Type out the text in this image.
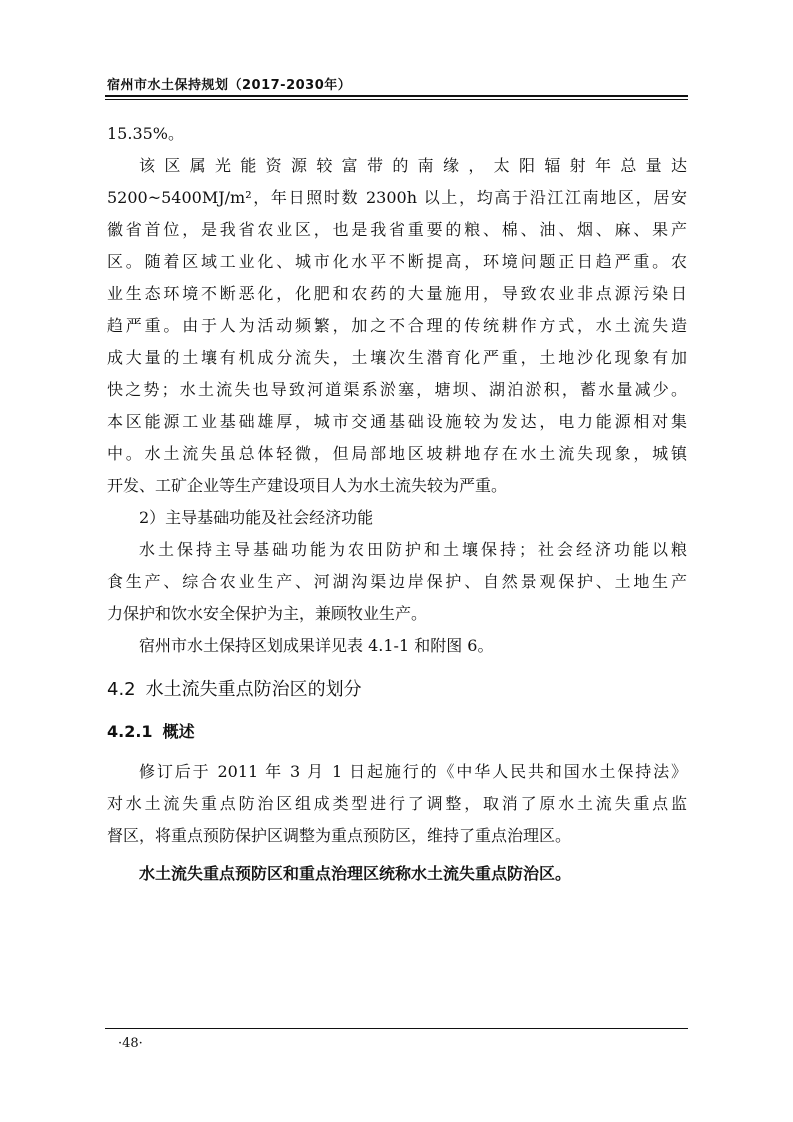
宿州市水土保持规划（2017-2030年）

15.35%。

该区属光能资源较富带的南缘，太阳辐射年总量达

5200~5400MJ/m²，年日照时数 2300h 以上，均高于沿江江南地区，居安

徽省首位，是我省农业区，也是我省重要的粮、棉、油、烟、麻、果产

区。随着区域工业化、城市化水平不断提高，环境问题正日趋严重。农

业生态环境不断恶化，化肥和农药的大量施用，导致农业非点源污染日

趋严重。由于人为活动频繁，加之不合理的传统耕作方式，水土流失造

成大量的土壤有机成分流失，土壤次生潜育化严重，土地沙化现象有加

快之势；水土流失也导致河道渠系淤塞，塘坝、湖泊淤积，蓄水量减少。

本区能源工业基础雄厚，城市交通基础设施较为发达，电力能源相对集

中。水土流失虽总体轻微，但局部地区坡耕地存在水土流失现象，城镇

开发、工矿企业等生产建设项目人为水土流失较为严重。

2）主导基础功能及社会经济功能

水土保持主导基础功能为农田防护和土壤保持；社会经济功能以粮

食生产、综合农业生产、河湖沟渠边岸保护、自然景观保护、土地生产

力保护和饮水安全保护为主，兼顾牧业生产。

宿州市水土保持区划成果详见表 4.1-1 和附图 6。

4.2 水土流失重点防治区的划分
4.2.1 概述

修订后于 2011 年 3 月 1 日起施行的《中华人民共和国水土保持法》

对水土流失重点防治区组成类型进行了调整，取消了原水土流失重点监

督区，将重点预防保护区调整为重点预防区，维持了重点治理区。

水土流失重点预防区和重点治理区统称水土流失重点防治区。

·48·
